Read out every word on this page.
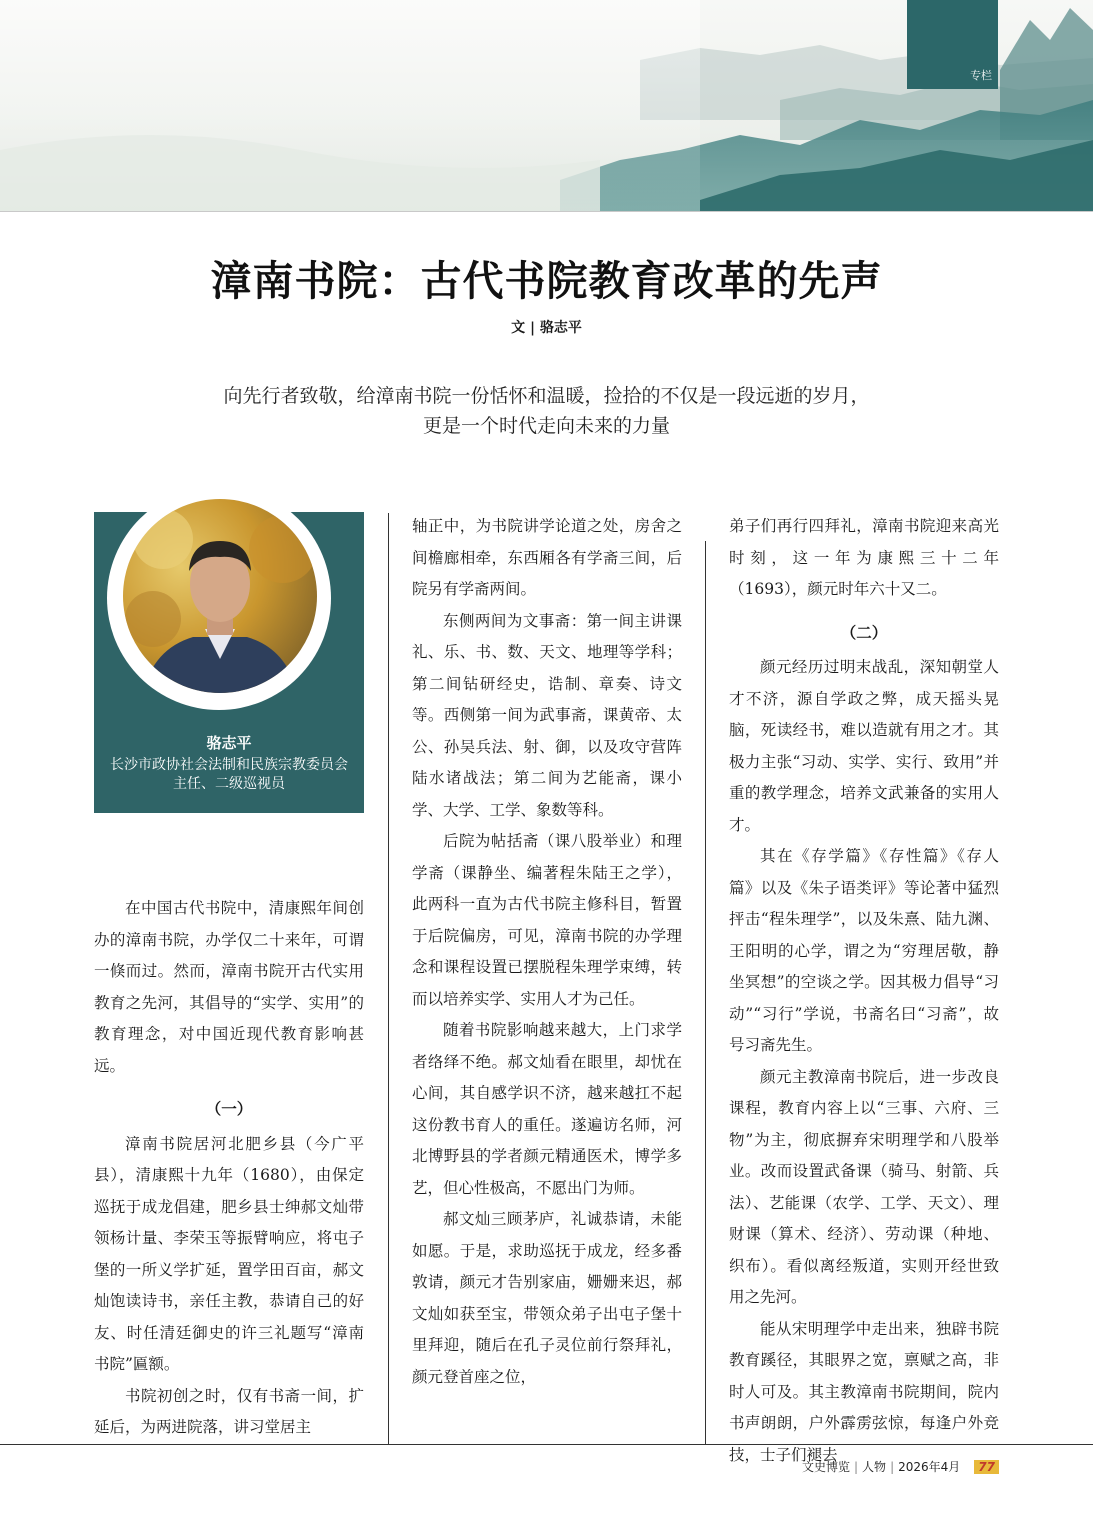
专栏
漳南书院：古代书院教育改革的先声
文 | 骆志平
向先行者致敬，给漳南书院一份恬怀和温暖，捡拾的不仅是一段远逝的岁月，
更是一个时代走向未来的力量
骆志平
长沙市政协社会法制和民族宗教委员会
主任、二级巡视员

在中国古代书院中，清康熙年间创办的漳南书院，办学仅二十来年，可谓一倏而过。然而，漳南书院开古代实用教育之先河，其倡导的“实学、实用”的教育理念，对中国近现代教育影响甚远。

（一）

漳南书院居河北肥乡县（今广平县），清康熙十九年（1680），由保定巡抚于成龙倡建，肥乡县士绅郝文灿带领杨计量、李荣玉等振臂响应，将屯子堡的一所义学扩延，置学田百亩，郝文灿饱读诗书，亲任主教，恭请自己的好友、时任清廷御史的许三礼题写“漳南书院”匾额。

书院初创之时，仅有书斋一间，扩延后，为两进院落，讲习堂居主

轴正中，为书院讲学论道之处，房舍之间檐廊相牵，东西厢各有学斋三间，后院另有学斋两间。

东侧两间为文事斋：第一间主讲课礼、乐、书、数、天文、地理等学科；第二间钻研经史，诰制、章奏、诗文等。西侧第一间为武事斋，课黄帝、太公、孙吴兵法、射、御，以及攻守营阵陆水诸战法；第二间为艺能斋，课小学、大学、工学、象数等科。

后院为帖括斋（课八股举业）和理学斋（课静坐、编著程朱陆王之学），此两科一直为古代书院主修科目，暂置于后院偏房，可见，漳南书院的办学理念和课程设置已摆脱程朱理学束缚，转而以培养实学、实用人才为己任。

随着书院影响越来越大，上门求学者络绎不绝。郝文灿看在眼里，却忧在心间，其自感学识不济，越来越扛不起这份教书育人的重任。遂遍访名师，河北博野县的学者颜元精通医术，博学多艺，但心性极高，不愿出门为师。

郝文灿三顾茅庐，礼诚恭请，未能如愿。于是，求助巡抚于成龙，经多番敦请，颜元才告别家庙，姗姗来迟，郝文灿如获至宝，带领众弟子出屯子堡十里拜迎，随后在孔子灵位前行祭拜礼，颜元登首座之位，

弟子们再行四拜礼，漳南书院迎来高光时刻，这一年为康熙三十二年（1693），颜元时年六十又二。

（二）

颜元经历过明末战乱，深知朝堂人才不济，源自学政之弊，成天摇头晃脑，死读经书，难以造就有用之才。其极力主张“习动、实学、实行、致用”并重的教学理念，培养文武兼备的实用人才。

其在《存学篇》《存性篇》《存人篇》以及《朱子语类评》等论著中猛烈抨击“程朱理学”，以及朱熹、陆九渊、王阳明的心学，谓之为“穷理居敬，静坐冥想”的空谈之学。因其极力倡导“习动”“习行”学说，书斋名曰“习斋”，故号习斋先生。

颜元主教漳南书院后，进一步改良课程，教育内容上以“三事、六府、三物”为主，彻底摒弃宋明理学和八股举业。改而设置武备课（骑马、射箭、兵法）、艺能课（农学、工学、天文）、理财课（算术、经济）、劳动课（种地、织布）。看似离经叛道，实则开经世致用之先河。

能从宋明理学中走出来，独辟书院教育蹊径，其眼界之宽，禀赋之高，非时人可及。其主教漳南书院期间，院内书声朗朗，户外霹雳弦惊，每逢户外竞技，士子们褪去

文史博览 | 人物 | 2026年4月 77
